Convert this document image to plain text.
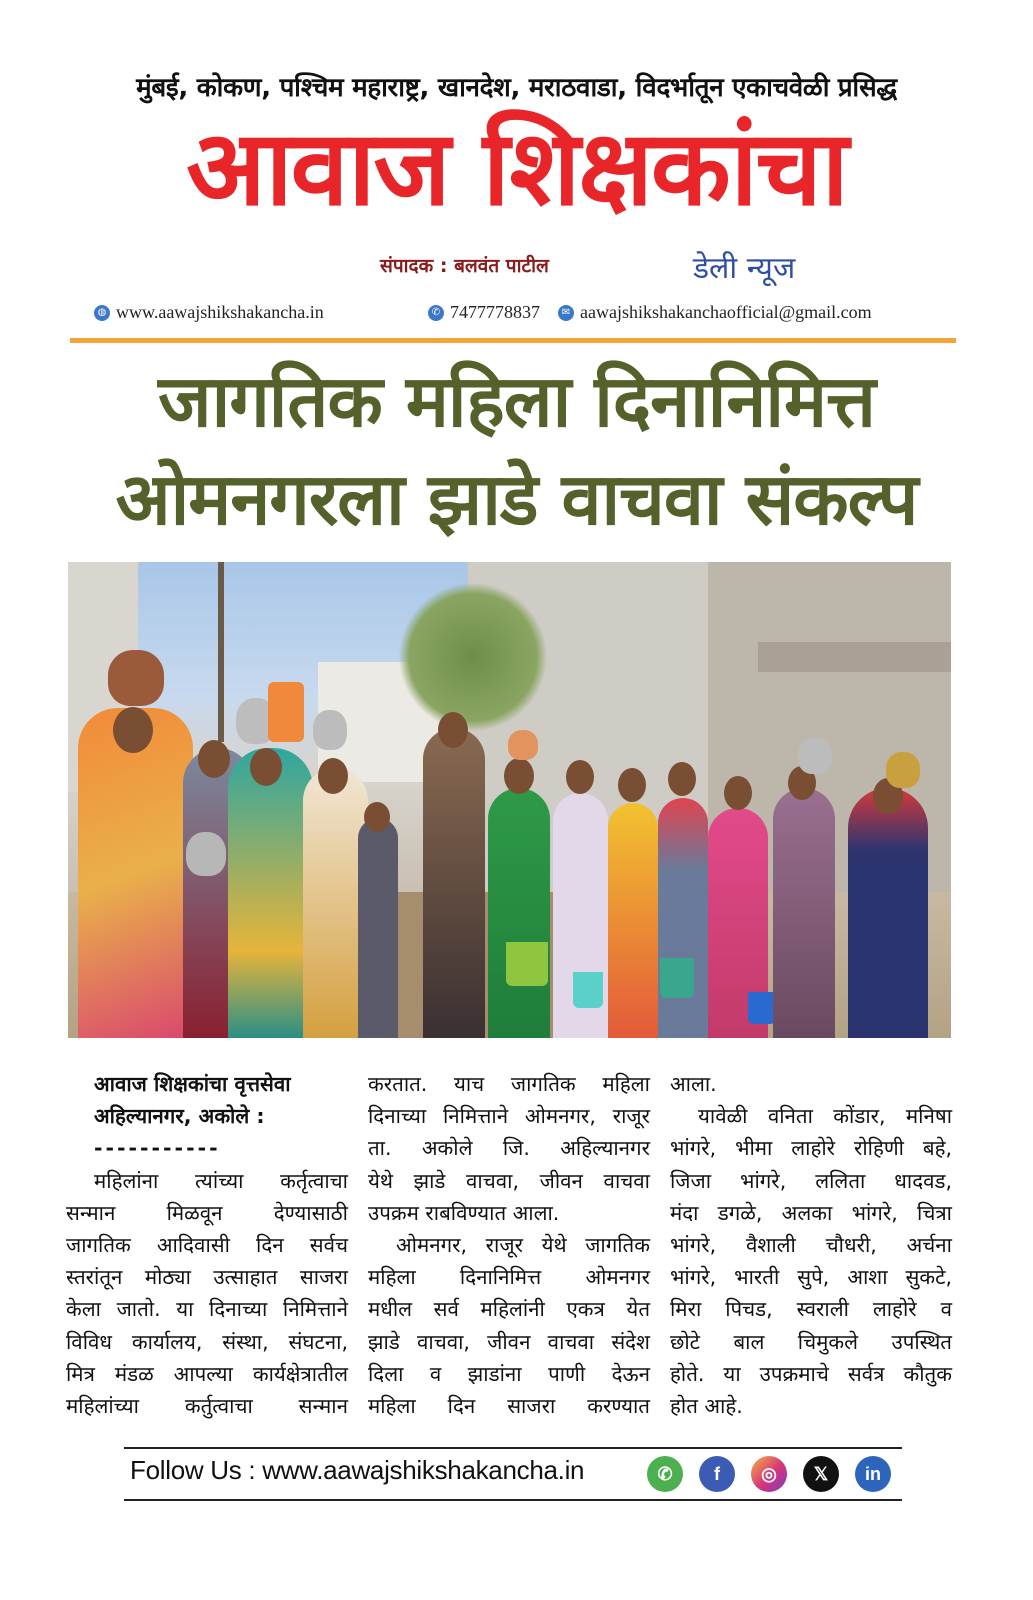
मुंबई, कोकण, पश्चिम महाराष्ट्र, खानदेश, मराठवाडा, विदर्भातून एकाचवेळी प्रसिद्ध
आवाज शिक्षकांचा
संपादक : बलवंत पाटील	डेली न्यूज
◍ www.aawajshikshakancha.in	✆ 7477778837	✉ aawajshikshakanchaofficial@gmail.com
जागतिक महिला दिनानिमित्त
ओमनगरला झाडे वाचवा संकल्प
आवाज शिक्षकांचा वृत्तसेवा
अहिल्यानगर, अकोले :
-----------
महिलांना त्यांच्या कर्तृत्वाचा
सन्मान मिळवून देण्यासाठी
जागतिक आदिवासी दिन सर्वच
स्तरांतून मोठ्या उत्साहात साजरा
केला जातो. या दिनाच्या निमित्ताने
विविध कार्यालय, संस्था, संघटना,
मित्र मंडळ आपल्या कार्यक्षेत्रातील
महिलांच्या कर्तुत्वाचा सन्मान
करतात. याच जागतिक महिला
दिनाच्या निमित्ताने ओमनगर, राजूर
ता. अकोले जि. अहिल्यानगर
येथे झाडे वाचवा, जीवन वाचवा
उपक्रम राबविण्यात आला.
ओमनगर, राजूर येथे जागतिक
महिला दिनानिमित्त ओमनगर
मधील सर्व महिलांनी एकत्र येत
झाडे वाचवा, जीवन वाचवा संदेश
दिला व झाडांना पाणी देऊन
महिला दिन साजरा करण्यात
आला.
यावेळी वनिता कोंडार, मनिषा
भांगरे, भीमा लाहोरे रोहिणी बहे,
जिजा भांगरे, ललिता धादवड,
मंदा डगळे, अलका भांगरे, चित्रा
भांगरे, वैशाली चौधरी, अर्चना
भांगरे, भारती सुपे, आशा सुकटे,
मिरा पिचड, स्वराली लाहोरे व
छोटे बाल चिमुकले उपस्थित
होते. या उपक्रमाचे सर्वत्र कौतुक
होत आहे.
Follow Us : www.aawajshikshakancha.in	✆	f	◎	𝕏	in
